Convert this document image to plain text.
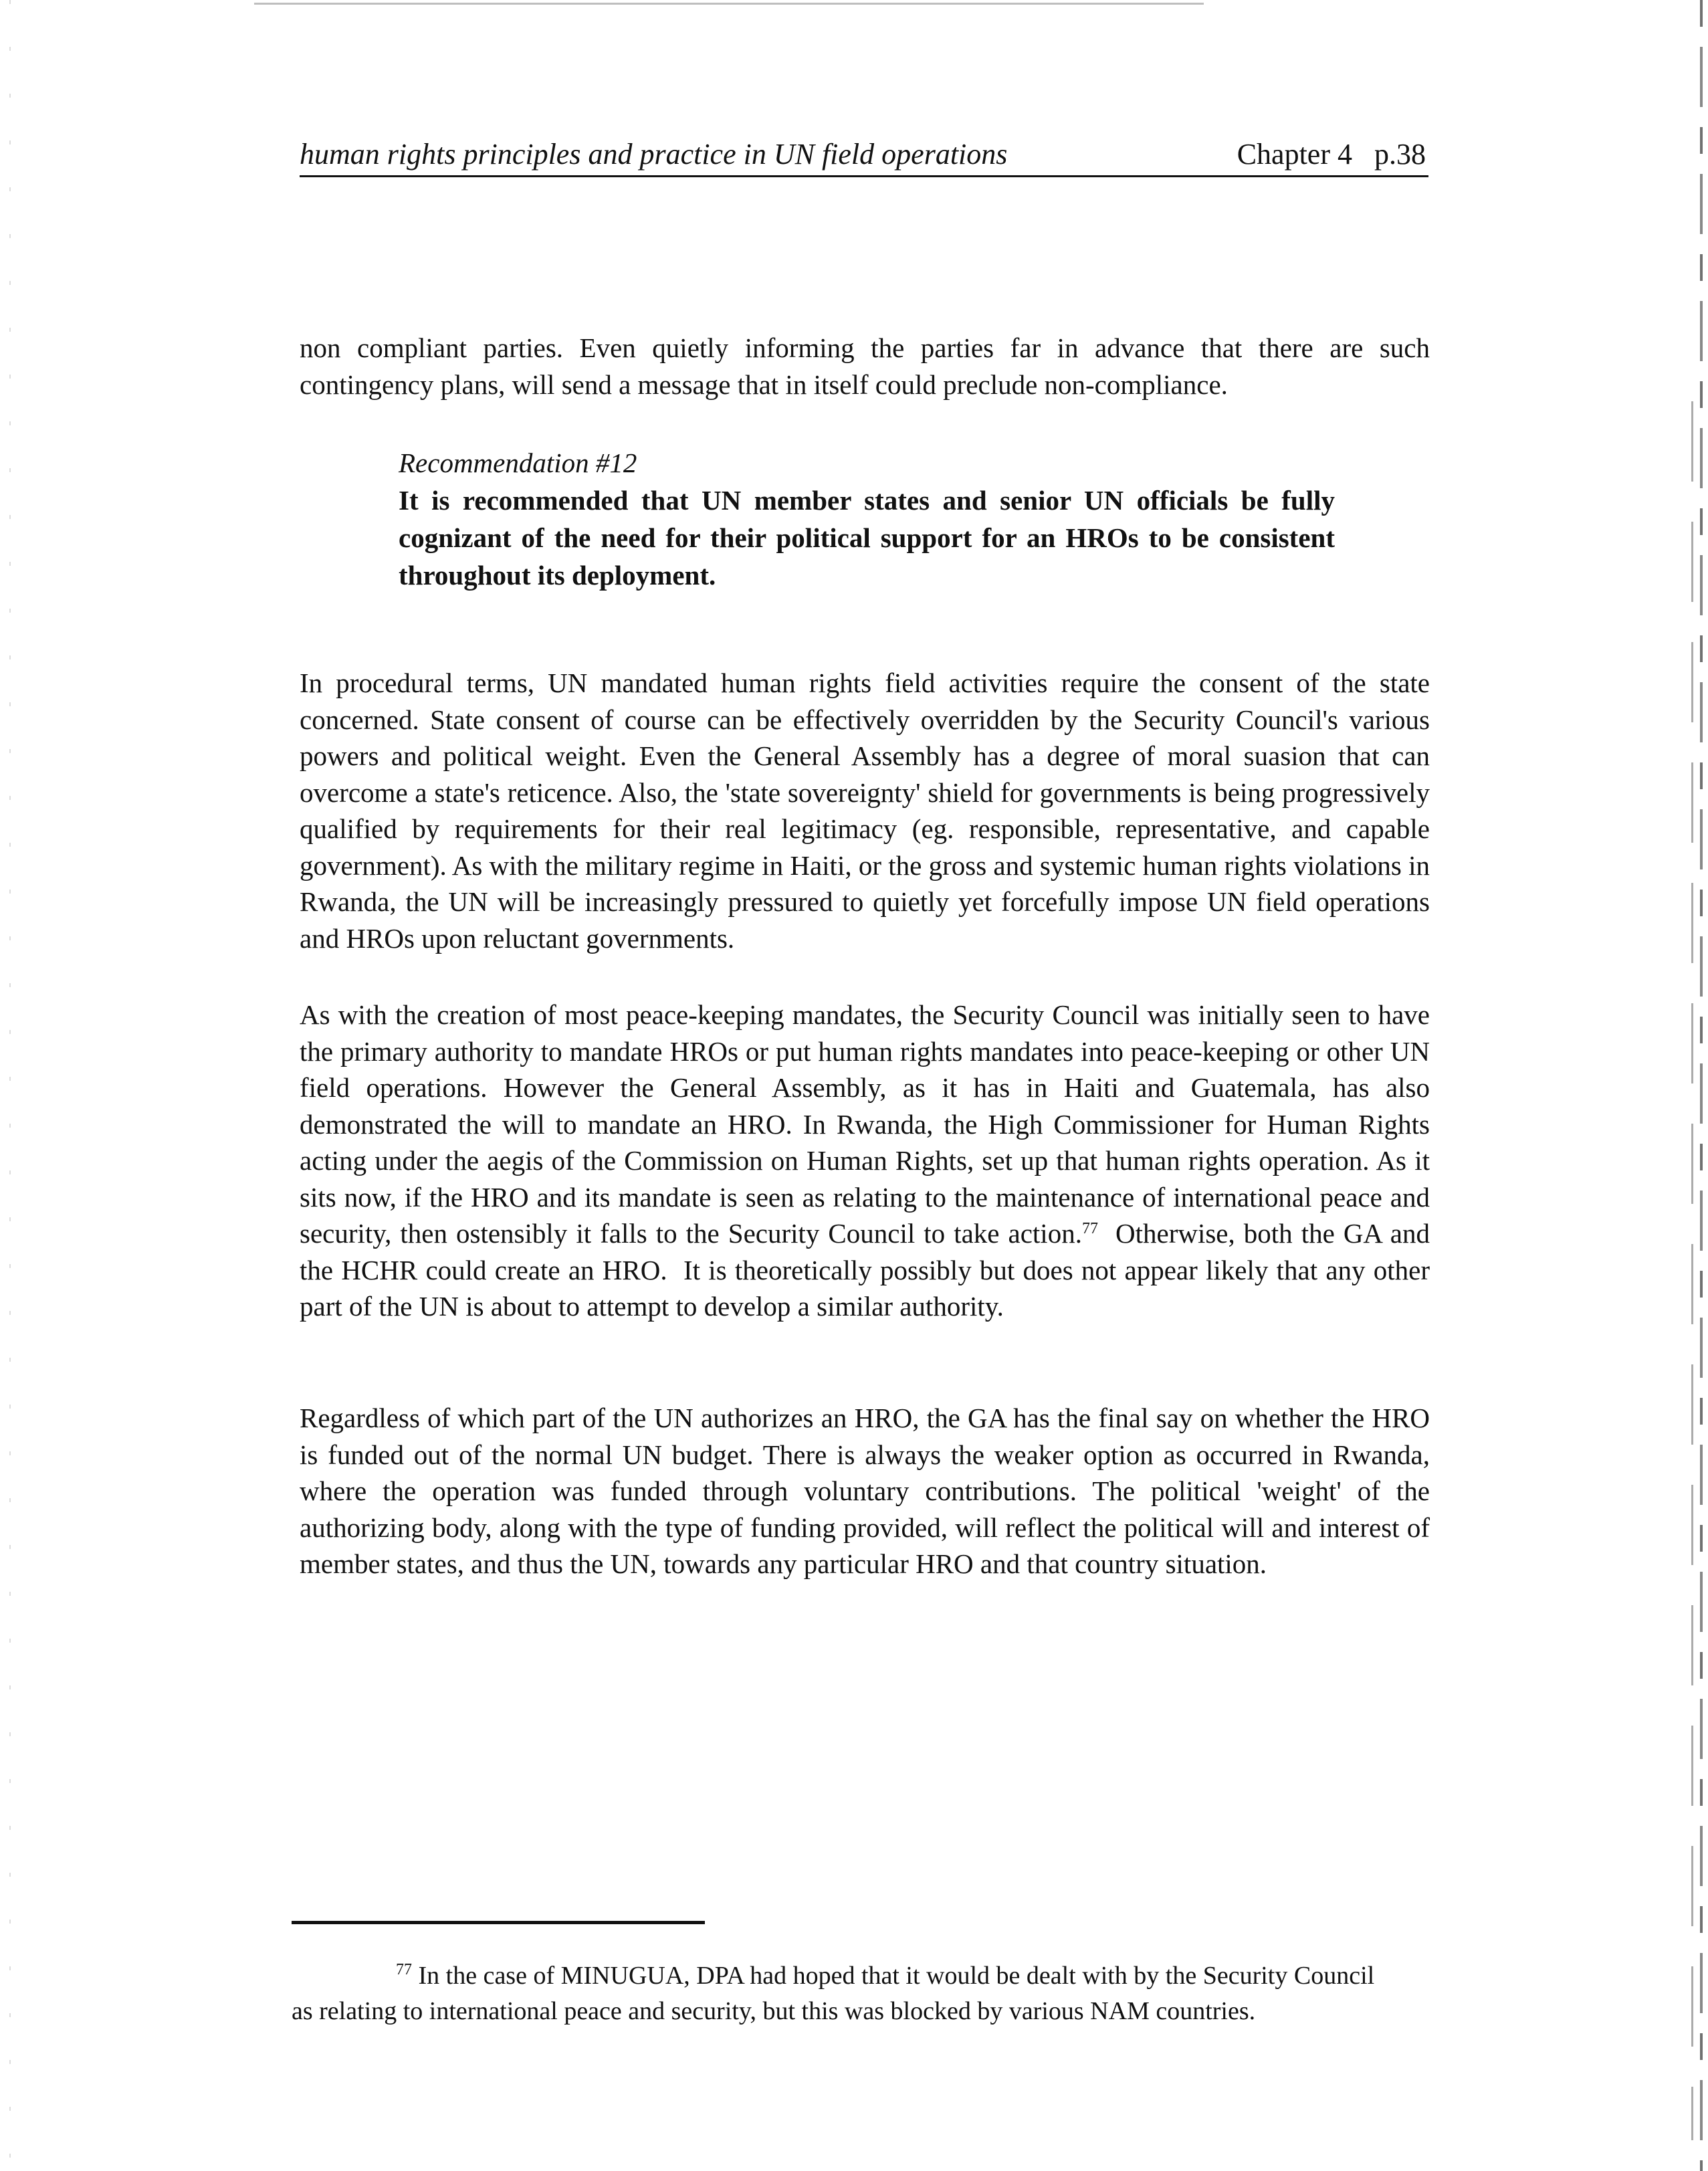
human rights principles and practice in UN field operations	Chapter 4   p.38

non compliant parties. Even quietly informing the parties far in advance that there are such contingency plans, will send a message that in itself could preclude non-compliance.

Recommendation #12

It is recommended that UN member states and senior UN officials be fully cognizant of the need for their political support for an HROs to be consistent throughout its deployment.

In procedural terms, UN mandated human rights field activities require the consent of the state concerned. State consent of course can be effectively overridden by the Security Council's various powers and political weight. Even the General Assembly has a degree of moral suasion that can overcome a state's reticence. Also, the 'state sovereignty' shield for governments is being progressively qualified by requirements for their real legitimacy (eg. responsible, representative, and capable government). As with the military regime in Haiti, or the gross and systemic human rights violations in Rwanda, the UN will be increasingly pressured to quietly yet forcefully impose UN field operations and HROs upon reluctant governments.

As with the creation of most peace-keeping mandates, the Security Council was initially seen to have the primary authority to mandate HROs or put human rights mandates into peace-keeping or other UN field operations. However the General Assembly, as it has in Haiti and Guatemala, has also demonstrated the will to mandate an HRO. In Rwanda, the High Commissioner for Human Rights acting under the aegis of the Commission on Human Rights, set up that human rights operation. As it sits now, if the HRO and its mandate is seen as relating to the maintenance of international peace and security, then ostensibly it falls to the Security Council to take action.$^{77}$  Otherwise, both the GA and the HCHR could create an HRO.  It is theoretically possibly but does not appear likely that any other part of the UN is about to attempt to develop a similar authority.

Regardless of which part of the UN authorizes an HRO, the GA has the final say on whether the HRO is funded out of the normal UN budget. There is always the weaker option as occurred in Rwanda, where the operation was funded through voluntary contributions. The political 'weight' of the authorizing body, along with the type of funding provided, will reflect the political will and interest of member states, and thus the UN, towards any particular HRO and that country situation.

$^{77}$ In the case of MINUGUA, DPA had hoped that it would be dealt with by the Security Council as relating to international peace and security, but this was blocked by various NAM countries.
